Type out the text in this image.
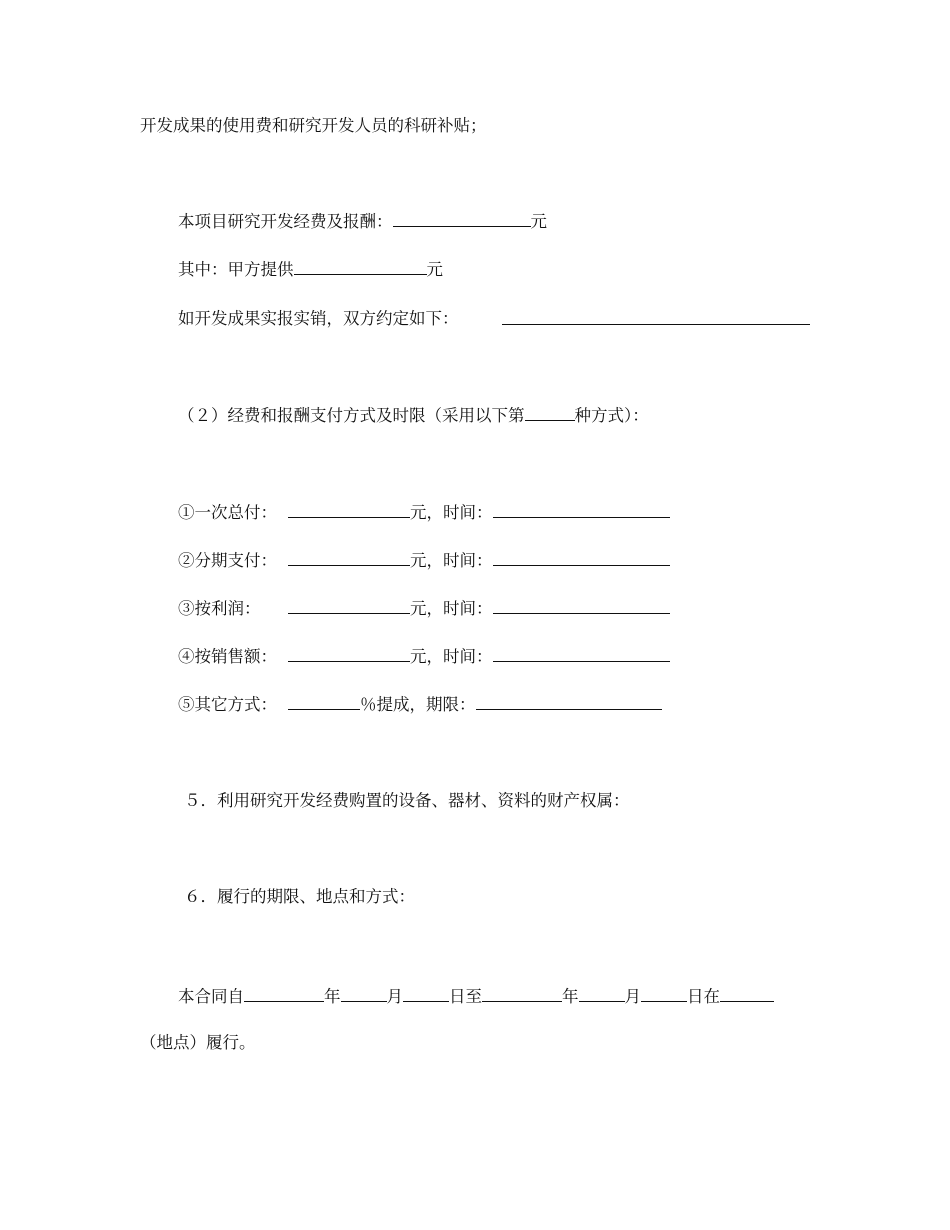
开发成果的使用费和研究开发人员的科研补贴；
本项目研究开发经费及报酬：	元
其中：甲方提供	元
如开发成果实报实销，双方约定如下：
（２）经费和报酬支付方式及时限（采用以下第	种方式）：
①一次总付：	元，时间：
②分期支付：	元，时间：
③按利润：	元，时间：
④按销售额：	元，时间：
⑤其它方式：	％提成，期限：
５．利用研究开发经费购置的设备、器材、资料的财产权属：
６．履行的期限、地点和方式：
本合同自	年	月	日至	年	月	日在
（地点）履行。
